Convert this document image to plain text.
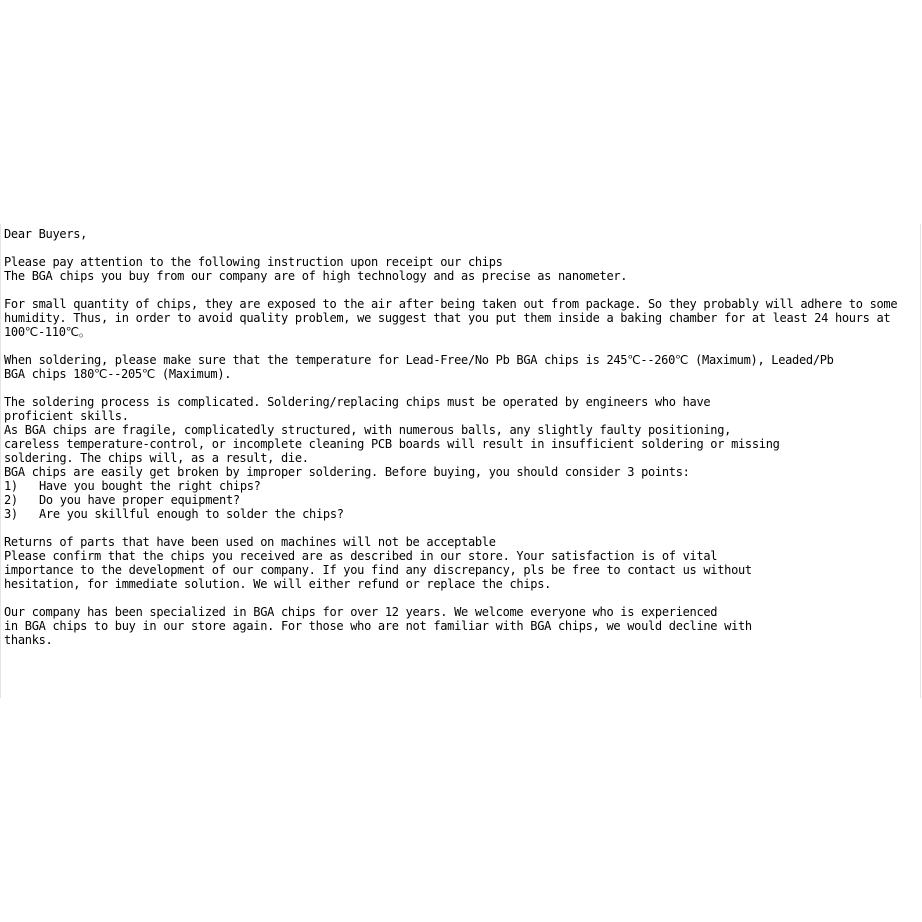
Dear Buyers,
Please pay attention to the following instruction upon receipt our chips
The BGA chips you buy from our company are of high technology and as precise as nanometer.
For small quantity of chips, they are exposed to the air after being taken out from package. So they probably will adhere to some
humidity. Thus, in order to avoid quality problem, we suggest that you put them inside a baking chamber for at least 24 hours at
100℃-110℃。
When soldering, please make sure that the temperature for Lead-Free/No Pb BGA chips is 245℃--260℃ (Maximum), Leaded/Pb
BGA chips 180℃--205℃ (Maximum).
The soldering process is complicated. Soldering/replacing chips must be operated by engineers who have
proficient skills.
As BGA chips are fragile, complicatedly structured, with numerous balls, any slightly faulty positioning,
careless temperature-control, or incomplete cleaning PCB boards will result in insufficient soldering or missing
soldering. The chips will, as a result, die.
BGA chips are easily get broken by improper soldering. Before buying, you should consider 3 points:
1) Have you bought the right chips?
2) Do you have proper equipment?
3) Are you skillful enough to solder the chips?
Returns of parts that have been used on machines will not be acceptable
Please confirm that the chips you received are as described in our store. Your satisfaction is of vital
importance to the development of our company. If you find any discrepancy, pls be free to contact us without
hesitation, for immediate solution. We will either refund or replace the chips.
Our company has been specialized in BGA chips for over 12 years. We welcome everyone who is experienced
in BGA chips to buy in our store again. For those who are not familiar with BGA chips, we would decline with
thanks.
